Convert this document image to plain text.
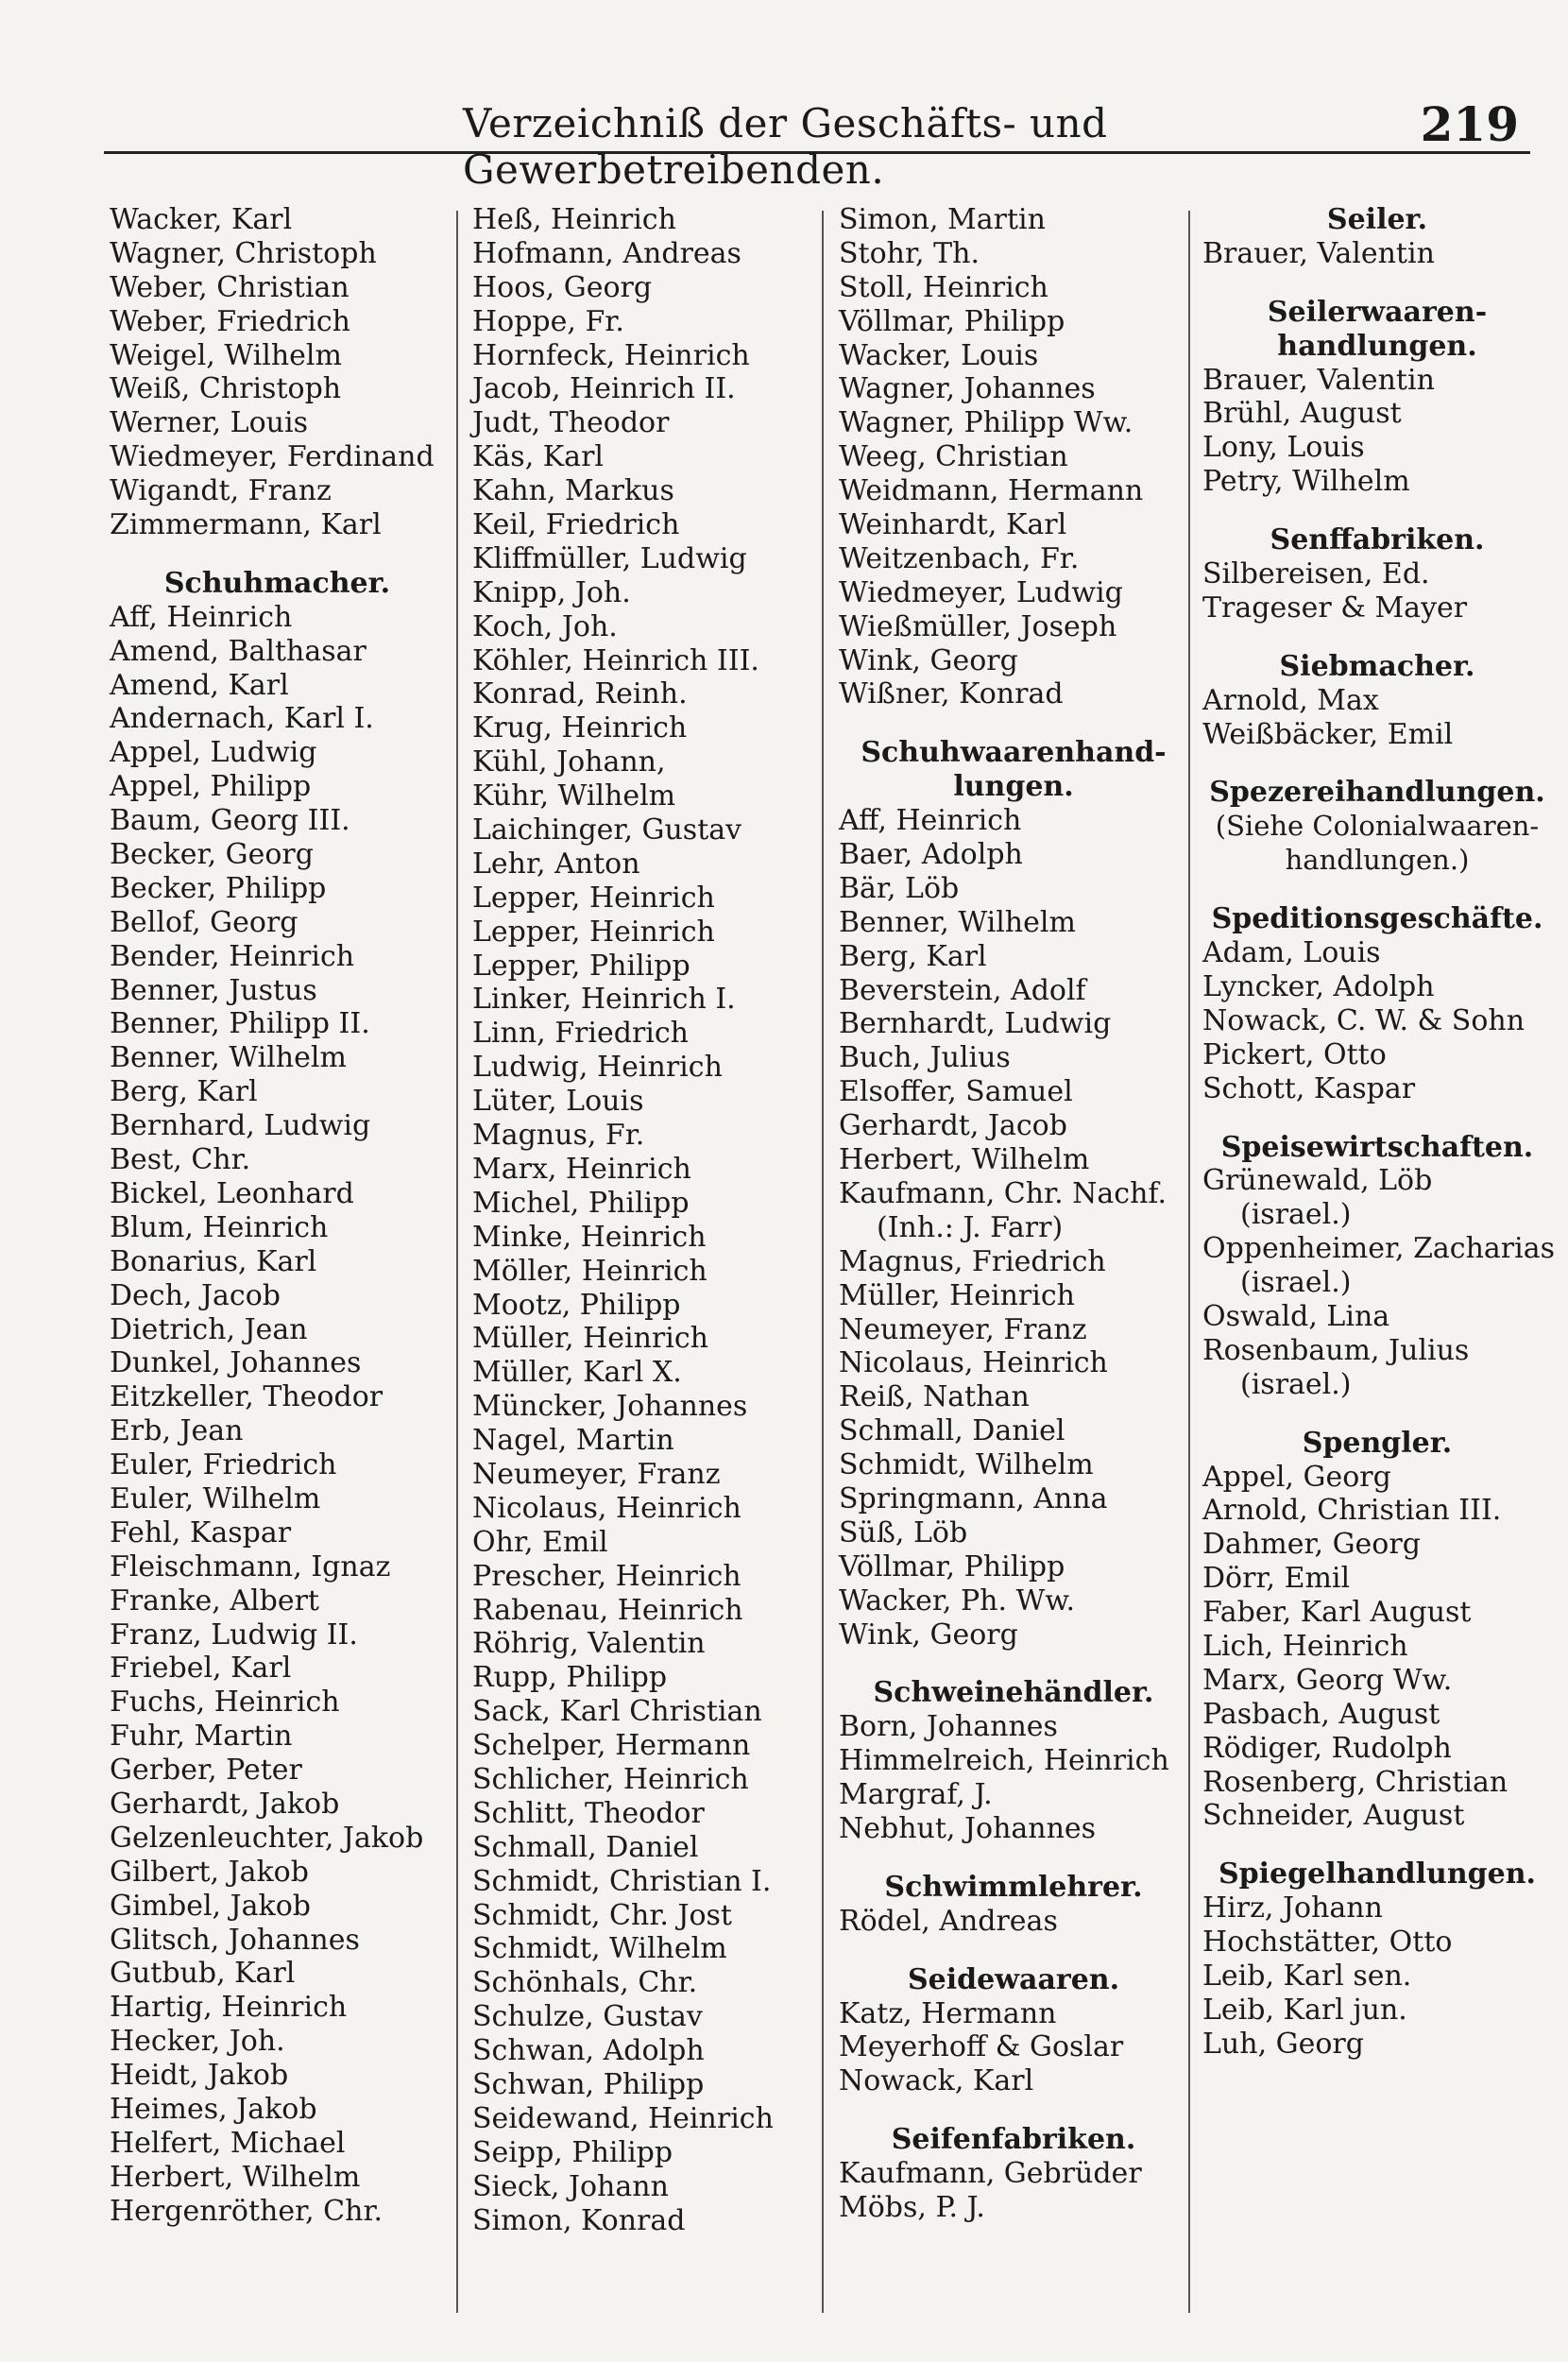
Verzeichniß der Geschäfts- und Gewerbetreibenden.
219
Wacker, Karl
Wagner, Christoph
Weber, Christian
Weber, Friedrich
Weigel, Wilhelm
Weiß, Christoph
Werner, Louis
Wiedmeyer, Ferdinand
Wigandt, Franz
Zimmermann, Karl
Schuhmacher.
Aff, Heinrich
Amend, Balthasar
Amend, Karl
Andernach, Karl I.
Appel, Ludwig
Appel, Philipp
Baum, Georg III.
Becker, Georg
Becker, Philipp
Bellof, Georg
Bender, Heinrich
Benner, Justus
Benner, Philipp II.
Benner, Wilhelm
Berg, Karl
Bernhard, Ludwig
Best, Chr.
Bickel, Leonhard
Blum, Heinrich
Bonarius, Karl
Dech, Jacob
Dietrich, Jean
Dunkel, Johannes
Eitzkeller, Theodor
Erb, Jean
Euler, Friedrich
Euler, Wilhelm
Fehl, Kaspar
Fleischmann, Ignaz
Franke, Albert
Franz, Ludwig II.
Friebel, Karl
Fuchs, Heinrich
Fuhr, Martin
Gerber, Peter
Gerhardt, Jakob
Gelzenleuchter, Jakob
Gilbert, Jakob
Gimbel, Jakob
Glitsch, Johannes
Gutbub, Karl
Hartig, Heinrich
Hecker, Joh.
Heidt, Jakob
Heimes, Jakob
Helfert, Michael
Herbert, Wilhelm
Hergenröther, Chr.
Heß, Heinrich
Hofmann, Andreas
Hoos, Georg
Hoppe, Fr.
Hornfeck, Heinrich
Jacob, Heinrich II.
Judt, Theodor
Käs, Karl
Kahn, Markus
Keil, Friedrich
Kliffmüller, Ludwig
Knipp, Joh.
Koch, Joh.
Köhler, Heinrich III.
Konrad, Reinh.
Krug, Heinrich
Kühl, Johann,
Kühr, Wilhelm
Laichinger, Gustav
Lehr, Anton
Lepper, Heinrich
Lepper, Heinrich
Lepper, Philipp
Linker, Heinrich I.
Linn, Friedrich
Ludwig, Heinrich
Lüter, Louis
Magnus, Fr.
Marx, Heinrich
Michel, Philipp
Minke, Heinrich
Möller, Heinrich
Mootz, Philipp
Müller, Heinrich
Müller, Karl X.
Müncker, Johannes
Nagel, Martin
Neumeyer, Franz
Nicolaus, Heinrich
Ohr, Emil
Prescher, Heinrich
Rabenau, Heinrich
Röhrig, Valentin
Rupp, Philipp
Sack, Karl Christian
Schelper, Hermann
Schlicher, Heinrich
Schlitt, Theodor
Schmall, Daniel
Schmidt, Christian I.
Schmidt, Chr. Jost
Schmidt, Wilhelm
Schönhals, Chr.
Schulze, Gustav
Schwan, Adolph
Schwan, Philipp
Seidewand, Heinrich
Seipp, Philipp
Sieck, Johann
Simon, Konrad
Simon, Martin
Stohr, Th.
Stoll, Heinrich
Völlmar, Philipp
Wacker, Louis
Wagner, Johannes
Wagner, Philipp Ww.
Weeg, Christian
Weidmann, Hermann
Weinhardt, Karl
Weitzenbach, Fr.
Wiedmeyer, Ludwig
Wießmüller, Joseph
Wink, Georg
Wißner, Konrad
Schuhwaarenhand-
lungen.
Aff, Heinrich
Baer, Adolph
Bär, Löb
Benner, Wilhelm
Berg, Karl
Beverstein, Adolf
Bernhardt, Ludwig
Buch, Julius
Elsoffer, Samuel
Gerhardt, Jacob
Herbert, Wilhelm
Kaufmann, Chr. Nachf.
(Inh.: J. Farr)
Magnus, Friedrich
Müller, Heinrich
Neumeyer, Franz
Nicolaus, Heinrich
Reiß, Nathan
Schmall, Daniel
Schmidt, Wilhelm
Springmann, Anna
Süß, Löb
Völlmar, Philipp
Wacker, Ph. Ww.
Wink, Georg
Schweinehändler.
Born, Johannes
Himmelreich, Heinrich
Margraf, J.
Nebhut, Johannes
Schwimmlehrer.
Rödel, Andreas
Seidewaaren.
Katz, Hermann
Meyerhoff & Goslar
Nowack, Karl
Seifenfabriken.
Kaufmann, Gebrüder
Möbs, P. J.
Seiler.
Brauer, Valentin
Seilerwaaren-
handlungen.
Brauer, Valentin
Brühl, August
Lony, Louis
Petry, Wilhelm
Senffabriken.
Silbereisen, Ed.
Trageser & Mayer
Siebmacher.
Arnold, Max
Weißbäcker, Emil
Spezereihandlungen.
(Siehe Colonialwaaren-
handlungen.)
Speditionsgeschäfte.
Adam, Louis
Lyncker, Adolph
Nowack, C. W. & Sohn
Pickert, Otto
Schott, Kaspar
Speisewirtschaften.
Grünewald, Löb
(israel.)
Oppenheimer, Zacharias
(israel.)
Oswald, Lina
Rosenbaum, Julius
(israel.)
Spengler.
Appel, Georg
Arnold, Christian III.
Dahmer, Georg
Dörr, Emil
Faber, Karl August
Lich, Heinrich
Marx, Georg Ww.
Pasbach, August
Rödiger, Rudolph
Rosenberg, Christian
Schneider, August
Spiegelhandlungen.
Hirz, Johann
Hochstätter, Otto
Leib, Karl sen.
Leib, Karl jun.
Luh, Georg
